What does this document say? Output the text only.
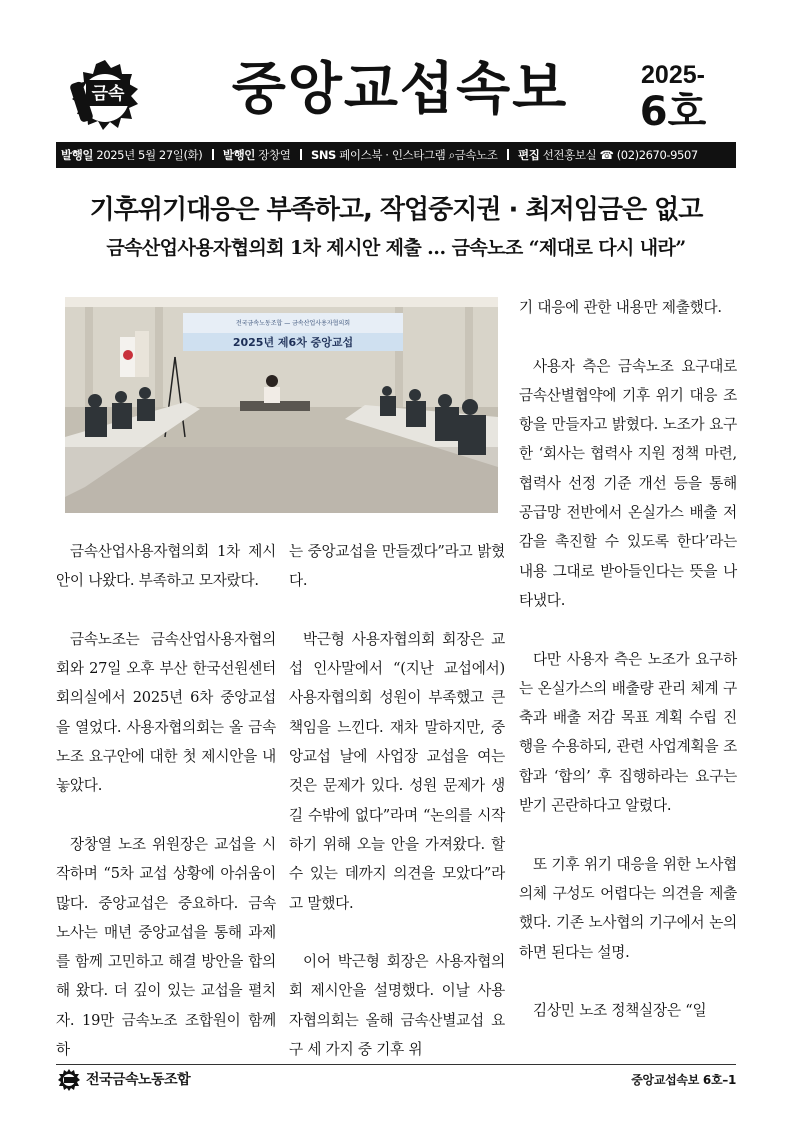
금속	중앙교섭속보	2025-
6호
발행일 2025년 5월 27일(화) 발행인 장창열 SNS 페이스북 · 인스타그램 ⌕금속노조 편집 선전홍보실 ☎ (02)2670-9507
기후위기대응은 부족하고, 작업중지권 · 최저임금은 없고
금속산업사용자협의회 1차 제시안 제출 … 금속노조 “제대로 다시 내라”
전국금속노동조합 — 금속산업사용자협의회
2025년 제6차 중앙교섭

금속산업사용자협의회 1차 제시안이 나왔다. 부족하고 모자랐다.

금속노조는 금속산업사용자협의회와 27일 오후 부산 한국선원센터 회의실에서 2025년 6차 중앙교섭을 열었다. 사용자협의회는 올 금속노조 요구안에 대한 첫 제시안을 내놓았다.

장창열 노조 위원장은 교섭을 시작하며 “5차 교섭 상황에 아쉬움이 많다. 중앙교섭은 중요하다. 금속 노사는 매년 중앙교섭을 통해 과제를 함께 고민하고 해결 방안을 합의해 왔다. 더 깊이 있는 교섭을 펼치자. 19만 금속노조 조합원이 함께하

는 중앙교섭을 만들겠다”라고 밝혔다.

박근형 사용자협의회 회장은 교섭 인사말에서 “(지난 교섭에서) 사용자협의회 성원이 부족했고 큰 책임을 느낀다. 재차 말하지만, 중앙교섭 날에 사업장 교섭을 여는 것은 문제가 있다. 성원 문제가 생길 수밖에 없다”라며 “논의를 시작하기 위해 오늘 안을 가져왔다. 할 수 있는 데까지 의견을 모았다”라고 말했다.

이어 박근형 회장은 사용자협의회 제시안을 설명했다. 이날 사용자협의회는 올해 금속산별교섭 요구 세 가지 중 기후 위

기 대응에 관한 내용만 제출했다.

사용자 측은 금속노조 요구대로 금속산별협약에 기후 위기 대응 조항을 만들자고 밝혔다. 노조가 요구한 ‘회사는 협력사 지원 정책 마련, 협력사 선정 기준 개선 등을 통해 공급망 전반에서 온실가스 배출 저감을 촉진할 수 있도록 한다’라는 내용 그대로 받아들인다는 뜻을 나타냈다.

다만 사용자 측은 노조가 요구하는 온실가스의 배출량 관리 체계 구축과 배출 저감 목표 계획 수립 진행을 수용하되, 관련 사업계획을 조합과 ‘합의’ 후 집행하라는 요구는 받기 곤란하다고 알렸다.

또 기후 위기 대응을 위한 노사협의체 구성도 어렵다는 의견을 제출했다. 기존 노사협의 기구에서 논의하면 된다는 설명.

김상민 노조 정책실장은 “일

전국금속노동조합	중앙교섭속보 6호–1
